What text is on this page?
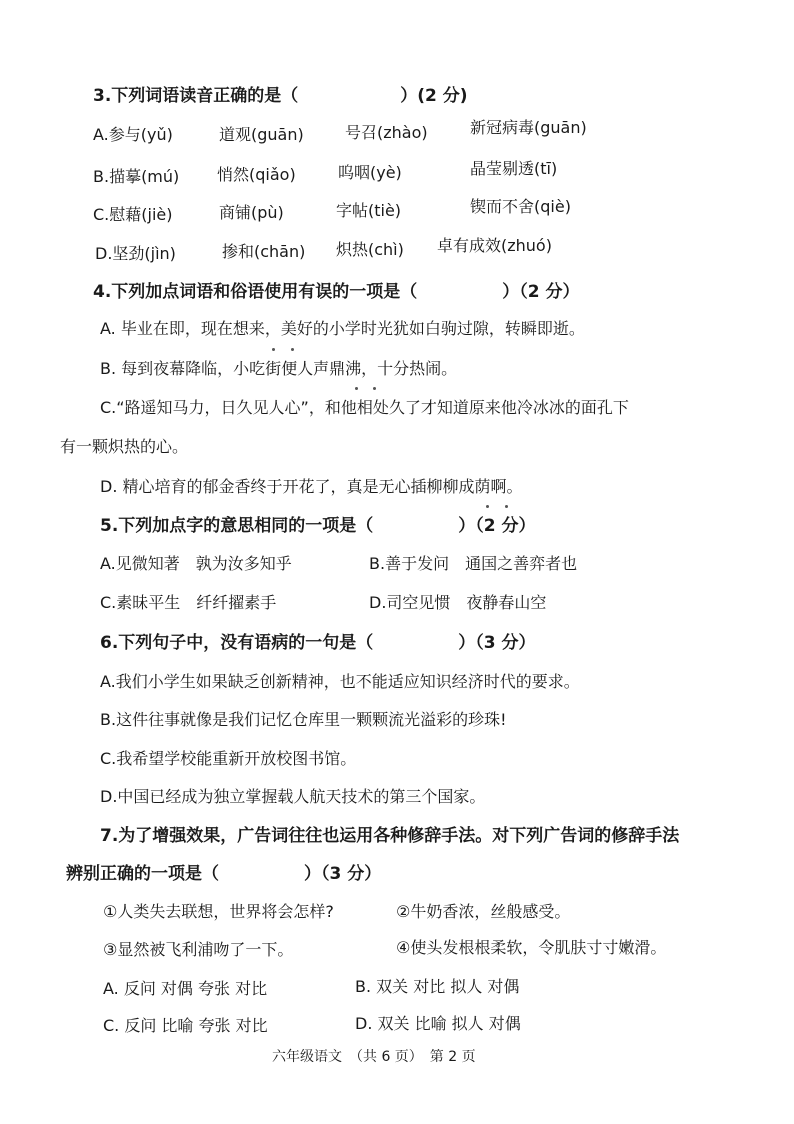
3.下列词语读音正确的是（　　　　　　）(2 分)
A.参与(yǔ)	道观(guān)	号召(zhào)	新冠病毒(guān)
B.描摹(mú) 悄然(qiǎo)	呜咽(yè)	晶莹剔透(tī)
C.慰藉(jiè)	商铺(pù)	字帖(tiè)	锲而不舍(qiè)
D.坚劲(jìn)	掺和(chān) 炽热(chì) 卓有成效(zhuó)
4.下列加点词语和俗语使用有误的一项是（　　　　　）（2 分）
A. 毕业在即，现在想来，美好的小学时光犹如白驹过隙，转瞬即逝。
B. 每到夜幕降临，小吃街便人声鼎沸，十分热闹。
C.“路遥知马力，日久见人心”，和他相处久了才知道原来他冷冰冰的面孔下
有一颗炽热的心。
D. 精心培育的郁金香终于开花了，真是无心插柳柳成荫啊。
5.下列加点字的意思相同的一项是（　　　　　）（2 分）
A.见微知著　孰为汝多知乎	B.善于发问　通国之善弈者也
C.素昧平生　纤纤擢素手	D.司空见惯　夜静春山空
6.下列句子中，没有语病的一句是（　　　　　）（3 分）
A.我们小学生如果缺乏创新精神，也不能适应知识经济时代的要求。
B.这件往事就像是我们记忆仓库里一颗颗流光溢彩的珍珠!
C.我希望学校能重新开放校图书馆。
D.中国已经成为独立掌握载人航天技术的第三个国家。
7.为了增强效果，广告词往往也运用各种修辞手法。对下列广告词的修辞手法
辨别正确的一项是（　　　　　）（3 分）
①人类失去联想，世界将会怎样?	②牛奶香浓，丝般感受。
③显然被飞利浦吻了一下。	④使头发根根柔软，令肌肤寸寸嫩滑。
A. 反问 对偶 夸张 对比	B. 双关 对比 拟人 对偶
C. 反问 比喻 夸张 对比	D. 双关 比喻 拟人 对偶
六年级语文　（共 6 页）　第 2 页
